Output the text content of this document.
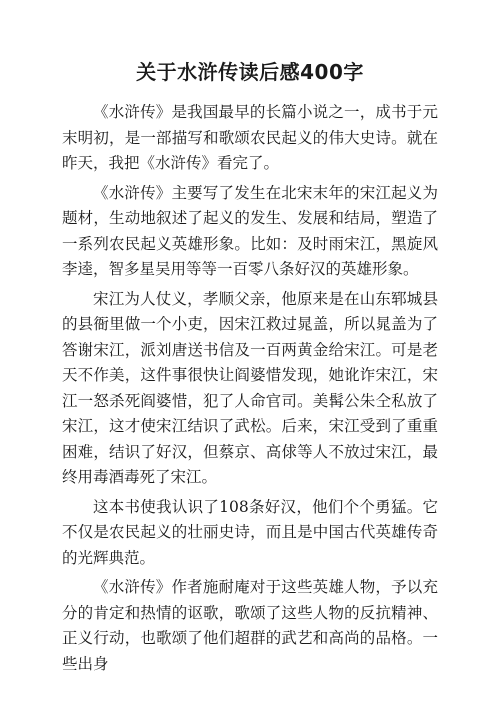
关于水浒传读后感400字

《水浒传》是我国最早的长篇小说之一，成书于元末明初，是一部描写和歌颂农民起义的伟大史诗。就在昨天，我把《水浒传》看完了。

《水浒传》主要写了发生在北宋末年的宋江起义为题材，生动地叙述了起义的发生、发展和结局，塑造了一系列农民起义英雄形象。比如：及时雨宋江，黑旋风李逵，智多星吴用等等一百零八条好汉的英雄形象。

宋江为人仗义，孝顺父亲，他原来是在山东郓城县的县衙里做一个小吏，因宋江救过晁盖，所以晁盖为了答谢宋江，派刘唐送书信及一百两黄金给宋江。可是老天不作美，这件事很快让阎婆惜发现，她讹诈宋江，宋江一怒杀死阎婆惜，犯了人命官司。美髯公朱仝私放了宋江，这才使宋江结识了武松。后来，宋江受到了重重困难，结识了好汉，但蔡京、高俅等人不放过宋江，最终用毒酒毒死了宋江。

这本书使我认识了108条好汉，他们个个勇猛。它不仅是农民起义的壮丽史诗，而且是中国古代英雄传奇的光辉典范。

《水浒传》作者施耐庵对于这些英雄人物，予以充分的肯定和热情的讴歌，歌颂了这些人物的反抗精神、正义行动，也歌颂了他们超群的武艺和高尚的品格。一些出身
